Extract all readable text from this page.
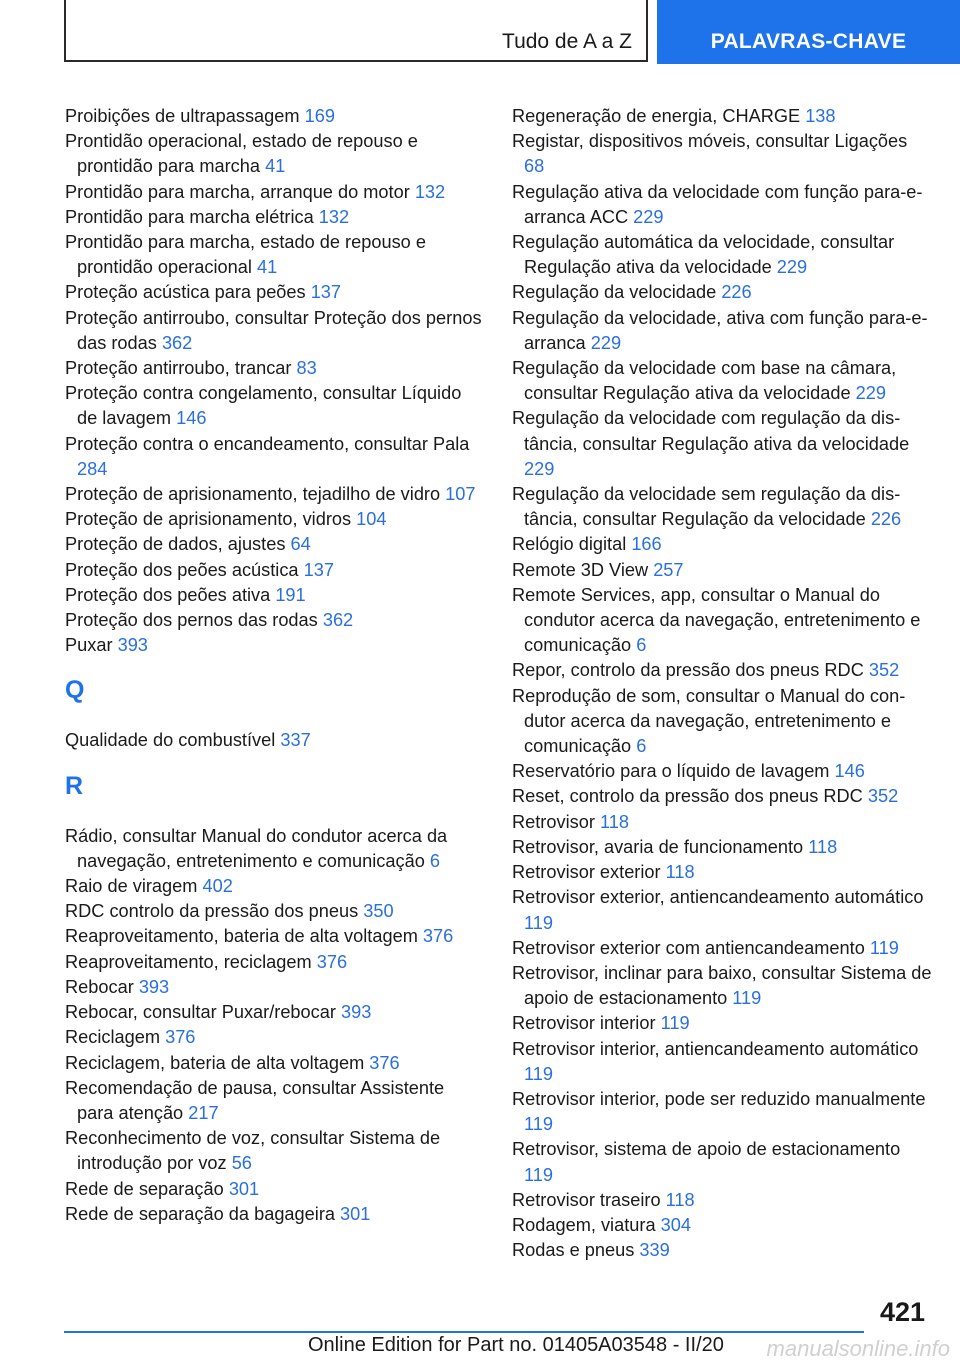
Tudo de A a Z	PALAVRAS-CHAVE
Proibições de ultrapassagem 169
Prontidão operacional, estado de repouso e prontidão para marcha 41
Prontidão para marcha, arranque do motor 132
Prontidão para marcha elétrica 132
Prontidão para marcha, estado de repouso e prontidão operacional 41
Proteção acústica para peões 137
Proteção antirroubo, consultar Proteção dos pernos das rodas 362
Proteção antirroubo, trancar 83
Proteção contra congelamento, consultar Líquido de lavagem 146
Proteção contra o encandeamento, consultar Pala 284
Proteção de aprisionamento, tejadilho de vidro 107
Proteção de aprisionamento, vidros 104
Proteção de dados, ajustes 64
Proteção dos peões acústica 137
Proteção dos peões ativa 191
Proteção dos pernos das rodas 362
Puxar 393
Q
Qualidade do combustível 337
R
Rádio, consultar Manual do condutor acerca da navegação, entretenimento e comunicação 6
Raio de viragem 402
RDC controlo da pressão dos pneus 350
Reaproveitamento, bateria de alta voltagem 376
Reaproveitamento, reciclagem 376
Rebocar 393
Rebocar, consultar Puxar/rebocar 393
Reciclagem 376
Reciclagem, bateria de alta voltagem 376
Recomendação de pausa, consultar Assistente para atenção 217
Reconhecimento de voz, consultar Sistema de introdução por voz 56
Rede de separação 301
Rede de separação da bagageira 301
Regeneração de energia, CHARGE 138
Registar, dispositivos móveis, consultar Ligações 68
Regulação ativa da velocidade com função para-e-arranca ACC 229
Regulação automática da velocidade, consultar Regulação ativa da velocidade 229
Regulação da velocidade 226
Regulação da velocidade, ativa com função para-e-arranca 229
Regulação da velocidade com base na câmara, consultar Regulação ativa da velocidade 229
Regulação da velocidade com regulação da distância, consultar Regulação ativa da velocidade 229
Regulação da velocidade sem regulação da distância, consultar Regulação da velocidade 226
Relógio digital 166
Remote 3D View 257
Remote Services, app, consultar o Manual do condutor acerca da navegação, entretenimento e comunicação 6
Repor, controlo da pressão dos pneus RDC 352
Reprodução de som, consultar o Manual do condutor acerca da navegação, entretenimento e comunicação 6
Reservatório para o líquido de lavagem 146
Reset, controlo da pressão dos pneus RDC 352
Retrovisor 118
Retrovisor, avaria de funcionamento 118
Retrovisor exterior 118
Retrovisor exterior, antiencandeamento automático 119
Retrovisor exterior com antiencandeamento 119
Retrovisor, inclinar para baixo, consultar Sistema de apoio de estacionamento 119
Retrovisor interior 119
Retrovisor interior, antiencandeamento automático 119
Retrovisor interior, pode ser reduzido manualmente 119
Retrovisor, sistema de apoio de estacionamento 119
Retrovisor traseiro 118
Rodagem, viatura 304
Rodas e pneus 339
421
Online Edition for Part no. 01405A03548 - II/20 manualsonline.info
